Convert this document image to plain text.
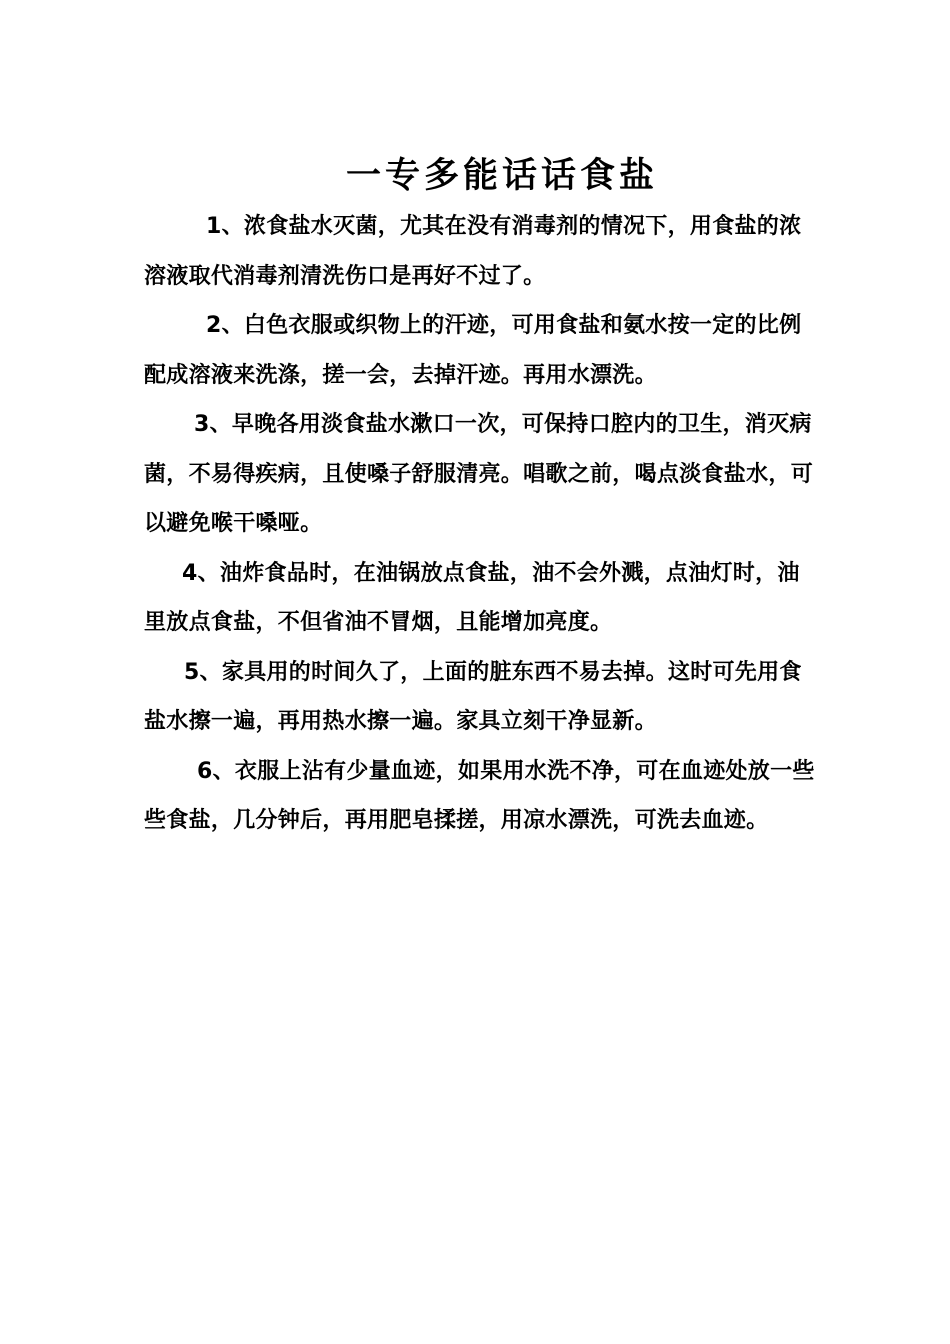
一专多能话话食盐

1、浓食盐水灭菌，尤其在没有消毒剂的情况下，用食盐的浓溶液取代消毒剂清洗伤口是再好不过了。

2、白色衣服或织物上的汗迹，可用食盐和氨水按一定的比例配成溶液来洗涤，搓一会，去掉汗迹。再用水漂洗。

3、早晚各用淡食盐水漱口一次，可保持口腔内的卫生，消灭病菌，不易得疾病，且使嗓子舒服清亮。唱歌之前，喝点淡食盐水，可以避免喉干嗓哑。

4、油炸食品时，在油锅放点食盐，油不会外溅，点油灯时，油里放点食盐，不但省油不冒烟，且能增加亮度。

5、家具用的时间久了，上面的脏东西不易去掉。这时可先用食盐水擦一遍，再用热水擦一遍。家具立刻干净显新。

6、衣服上沾有少量血迹，如果用水洗不净，可在血迹处放一些些食盐，几分钟后，再用肥皂揉搓，用凉水漂洗，可洗去血迹。
